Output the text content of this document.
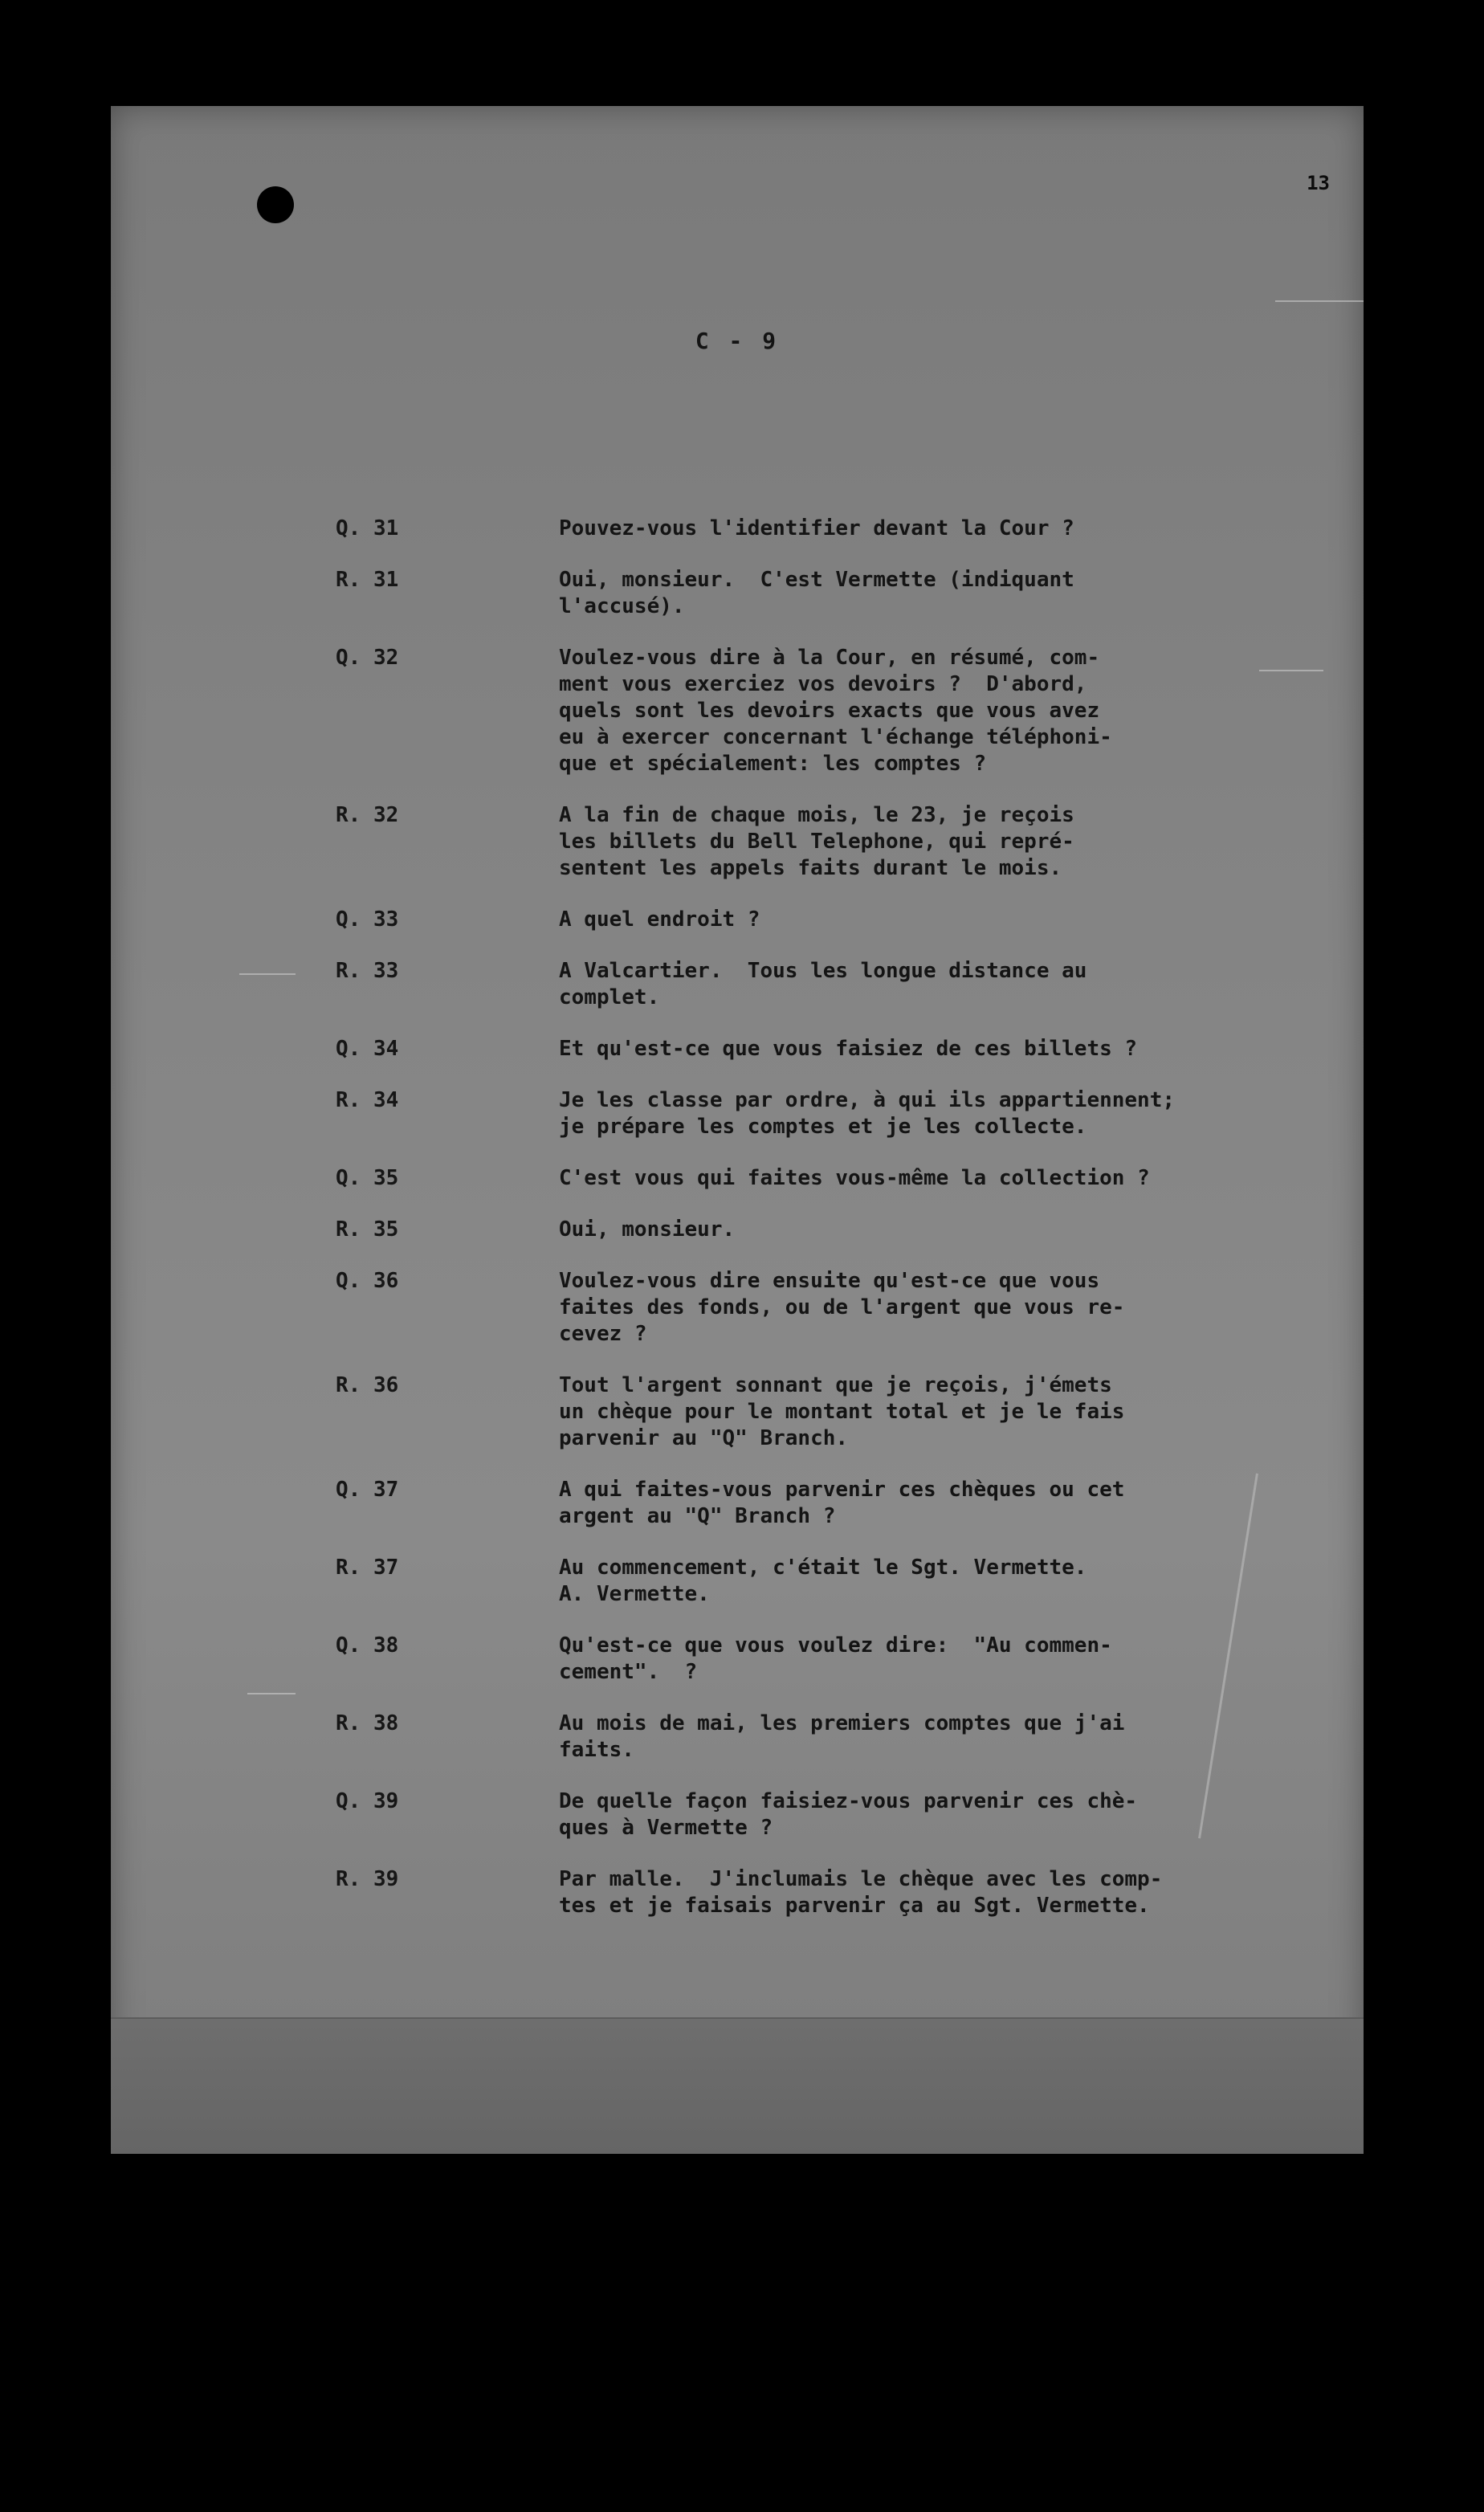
13
C - 9
Q. 31	Pouvez-vous l'identifier devant la Cour ?
R. 31	Oui, monsieur.  C'est Vermette (indiquant
l'accusé).
Q. 32	Voulez-vous dire à la Cour, en résumé, com-
ment vous exerciez vos devoirs ?  D'abord,
quels sont les devoirs exacts que vous avez
eu à exercer concernant l'échange téléphoni-
que et spécialement: les comptes ?
R. 32	A la fin de chaque mois, le 23, je reçois
les billets du Bell Telephone, qui repré-
sentent les appels faits durant le mois.
Q. 33	A quel endroit ?
R. 33	A Valcartier.  Tous les longue distance au
complet.
Q. 34	Et qu'est-ce que vous faisiez de ces billets ?
R. 34	Je les classe par ordre, à qui ils appartiennent;
je prépare les comptes et je les collecte.
Q. 35	C'est vous qui faites vous-même la collection ?
R. 35	Oui, monsieur.
Q. 36	Voulez-vous dire ensuite qu'est-ce que vous
faites des fonds, ou de l'argent que vous re-
cevez ?
R. 36	Tout l'argent sonnant que je reçois, j'émets
un chèque pour le montant total et je le fais
parvenir au "Q" Branch.
Q. 37	A qui faites-vous parvenir ces chèques ou cet
argent au "Q" Branch ?
R. 37	Au commencement, c'était le Sgt. Vermette.
A. Vermette.
Q. 38	Qu'est-ce que vous voulez dire:  "Au commen-
cement".  ?
R. 38	Au mois de mai, les premiers comptes que j'ai
faits.
Q. 39	De quelle façon faisiez-vous parvenir ces chè-
ques à Vermette ?
R. 39	Par malle.  J'inclumais le chèque avec les comp-
tes et je faisais parvenir ça au Sgt. Vermette.
